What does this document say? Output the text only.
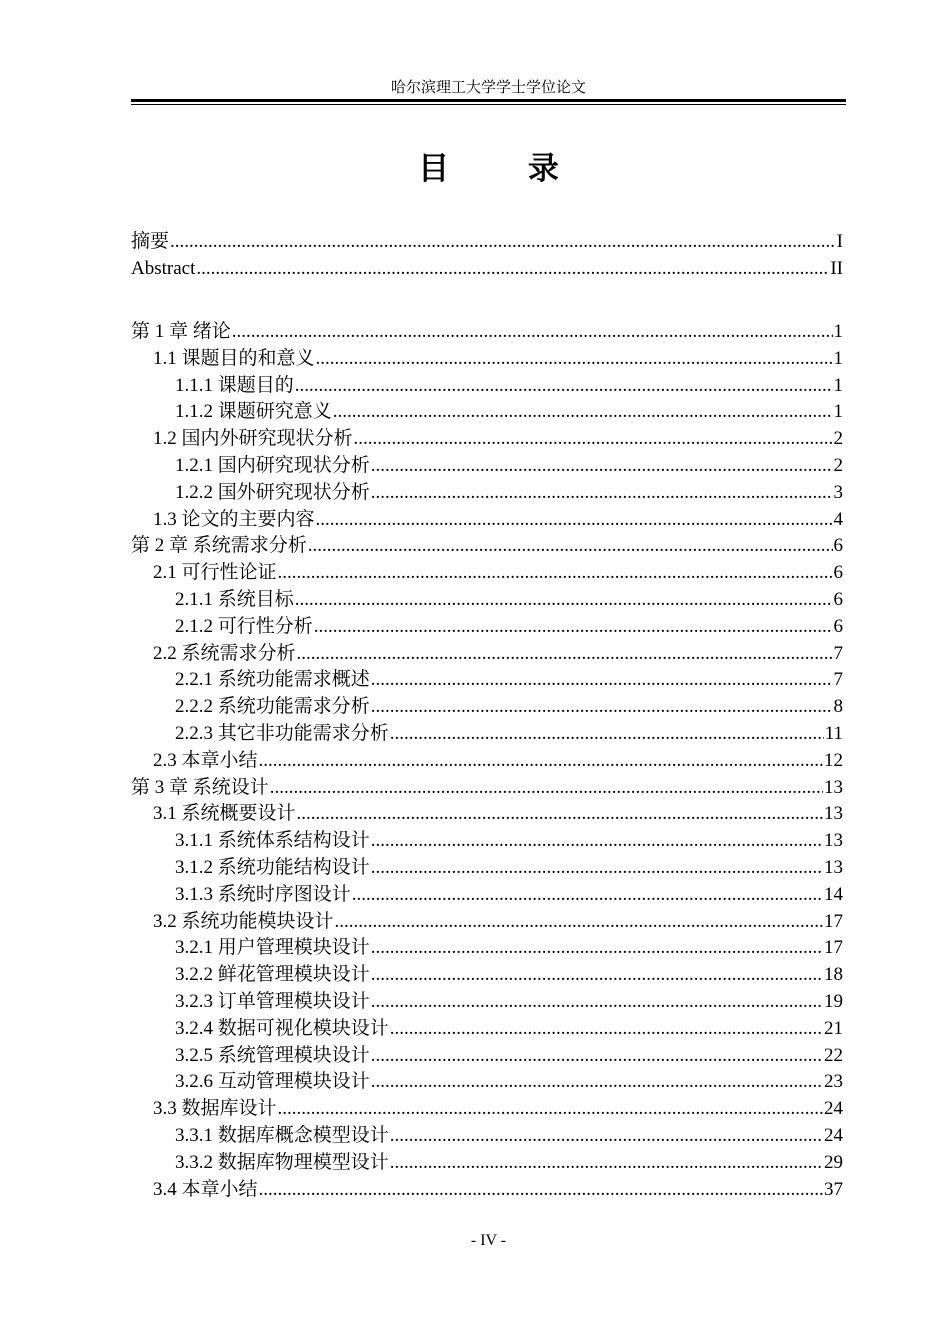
哈尔滨理工大学学士学位论文
目 录
摘要 .....	I
Abstract .....	II
第 1 章 绪论 .....	1
1.1 课题目的和意义 .....	1
1.1.1 课题目的 .....	1
1.1.2 课题研究意义 .....	1
1.2 国内外研究现状分析 .....	2
1.2.1 国内研究现状分析 .....	2
1.2.2 国外研究现状分析 .....	3
1.3 论文的主要内容 .....	4
第 2 章 系统需求分析 .....	6
2.1 可行性论证 .....	6
2.1.1 系统目标 .....	6
2.1.2 可行性分析 .....	6
2.2 系统需求分析 .....	7
2.2.1 系统功能需求概述 .....	7
2.2.2 系统功能需求分析 .....	8
2.2.3 其它非功能需求分析 .....	11
2.3 本章小结 .....	12
第 3 章 系统设计 .....	13
3.1 系统概要设计 .....	13
3.1.1 系统体系结构设计 .....	13
3.1.2 系统功能结构设计 .....	13
3.1.3 系统时序图设计 .....	14
3.2 系统功能模块设计 .....	17
3.2.1 用户管理模块设计 .....	17
3.2.2 鲜花管理模块设计 .....	18
3.2.3 订单管理模块设计 .....	19
3.2.4 数据可视化模块设计 .....	21
3.2.5 系统管理模块设计 .....	22
3.2.6 互动管理模块设计 .....	23
3.3 数据库设计 .....	24
3.3.1 数据库概念模型设计 .....	24
3.3.2 数据库物理模型设计 .....	29
3.4 本章小结 .....	37
- IV -
